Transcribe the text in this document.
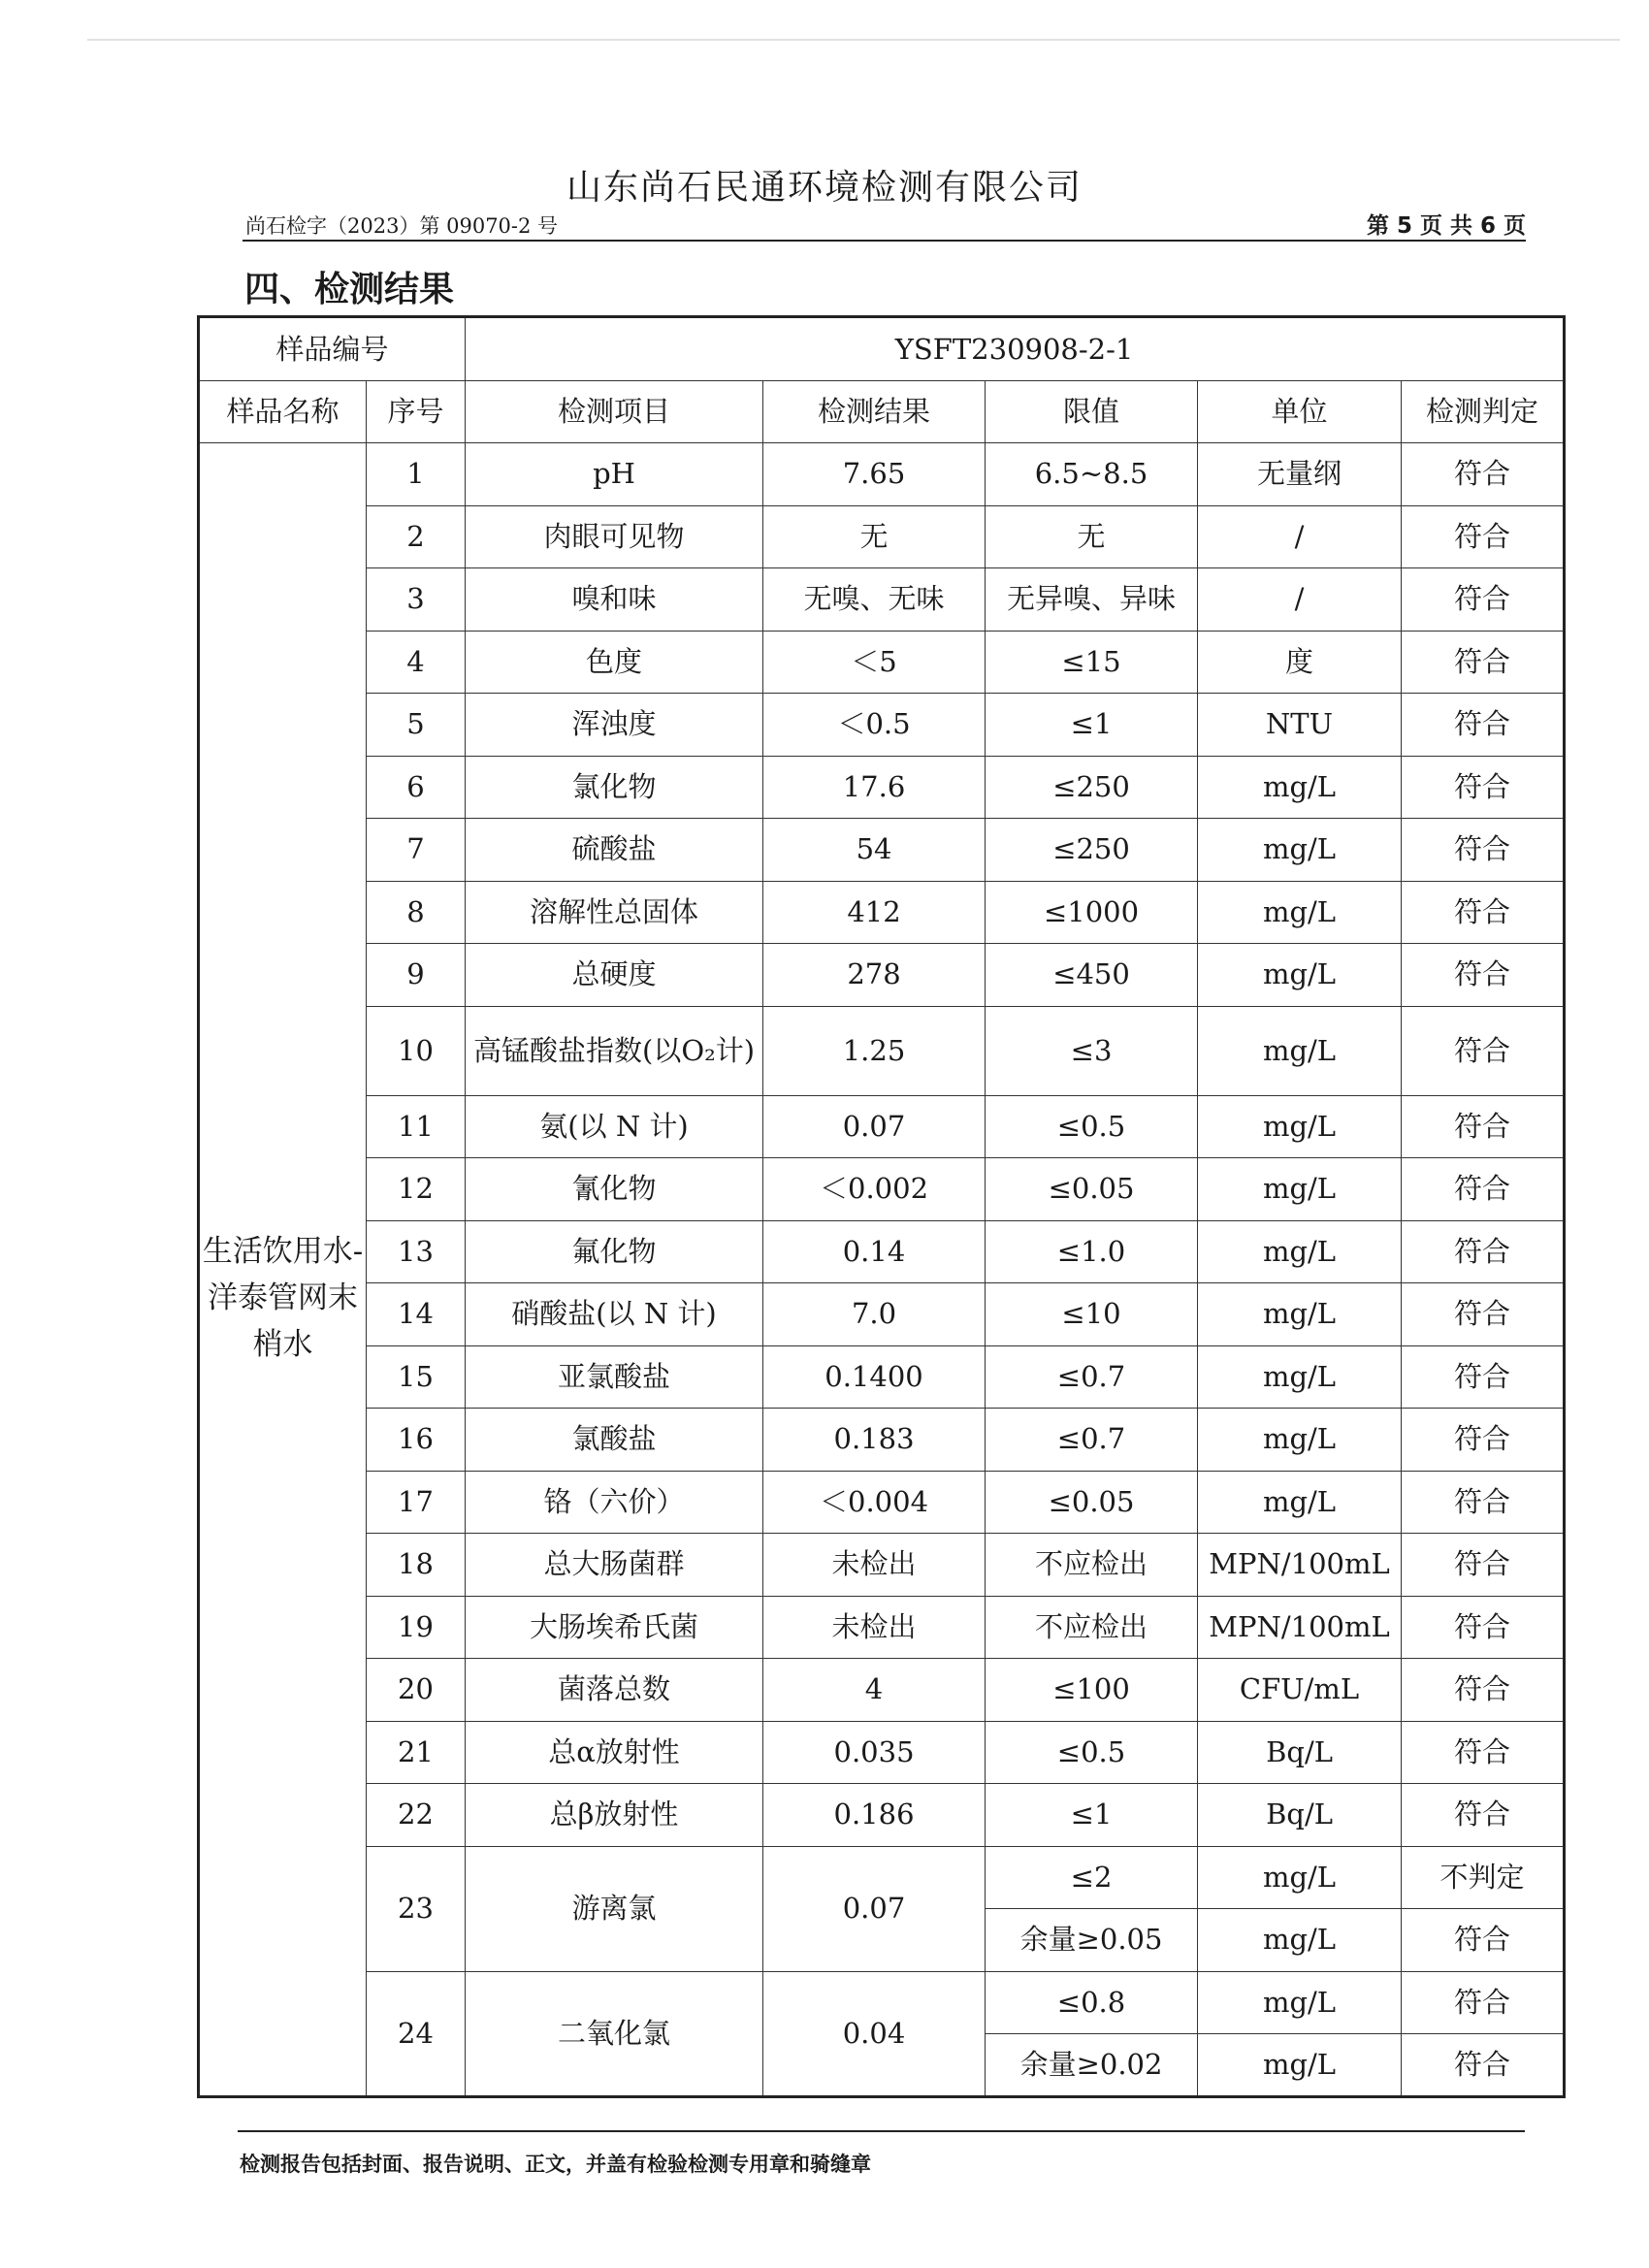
山东尚石民通环境检测有限公司
尚石检字（2023）第 09070-2 号	第 5 页 共 6 页
四、检测结果
样品编号		YSFT230908-2-1				
样品名称	序号	检测项目	检测结果	限值	单位	检测判定
生活饮用水-洋泰管网末梢水	1	pH	7.65	6.5~8.5	无量纲	符合
	2	肉眼可见物	无	无	/	符合
	3	嗅和味	无嗅、无味	无异嗅、异味	/	符合
	4	色度	＜5	≤15	度	符合
	5	浑浊度	＜0.5	≤1	NTU	符合
	6	氯化物	17.6	≤250	mg/L	符合
	7	硫酸盐	54	≤250	mg/L	符合
	8	溶解性总固体	412	≤1000	mg/L	符合
	9	总硬度	278	≤450	mg/L	符合
	10	高锰酸盐指数(以O₂计)	1.25	≤3	mg/L	符合
	11	氨(以 N 计)	0.07	≤0.5	mg/L	符合
	12	氰化物	＜0.002	≤0.05	mg/L	符合
	13	氟化物	0.14	≤1.0	mg/L	符合
	14	硝酸盐(以 N 计)	7.0	≤10	mg/L	符合
	15	亚氯酸盐	0.1400	≤0.7	mg/L	符合
	16	氯酸盐	0.183	≤0.7	mg/L	符合
	17	铬（六价）	＜0.004	≤0.05	mg/L	符合
	18	总大肠菌群	未检出	不应检出	MPN/100mL	符合
	19	大肠埃希氏菌	未检出	不应检出	MPN/100mL	符合
	20	菌落总数	4	≤100	CFU/mL	符合
	21	总α放射性	0.035	≤0.5	Bq/L	符合
	22	总β放射性	0.186	≤1	Bq/L	符合
	23	游离氯	0.07	≤2	mg/L	不判定
				余量≥0.05	mg/L	符合
	24	二氧化氯	0.04	≤0.8	mg/L	符合
				余量≥0.02	mg/L	符合
检测报告包括封面、报告说明、正文，并盖有检验检测专用章和骑缝章
